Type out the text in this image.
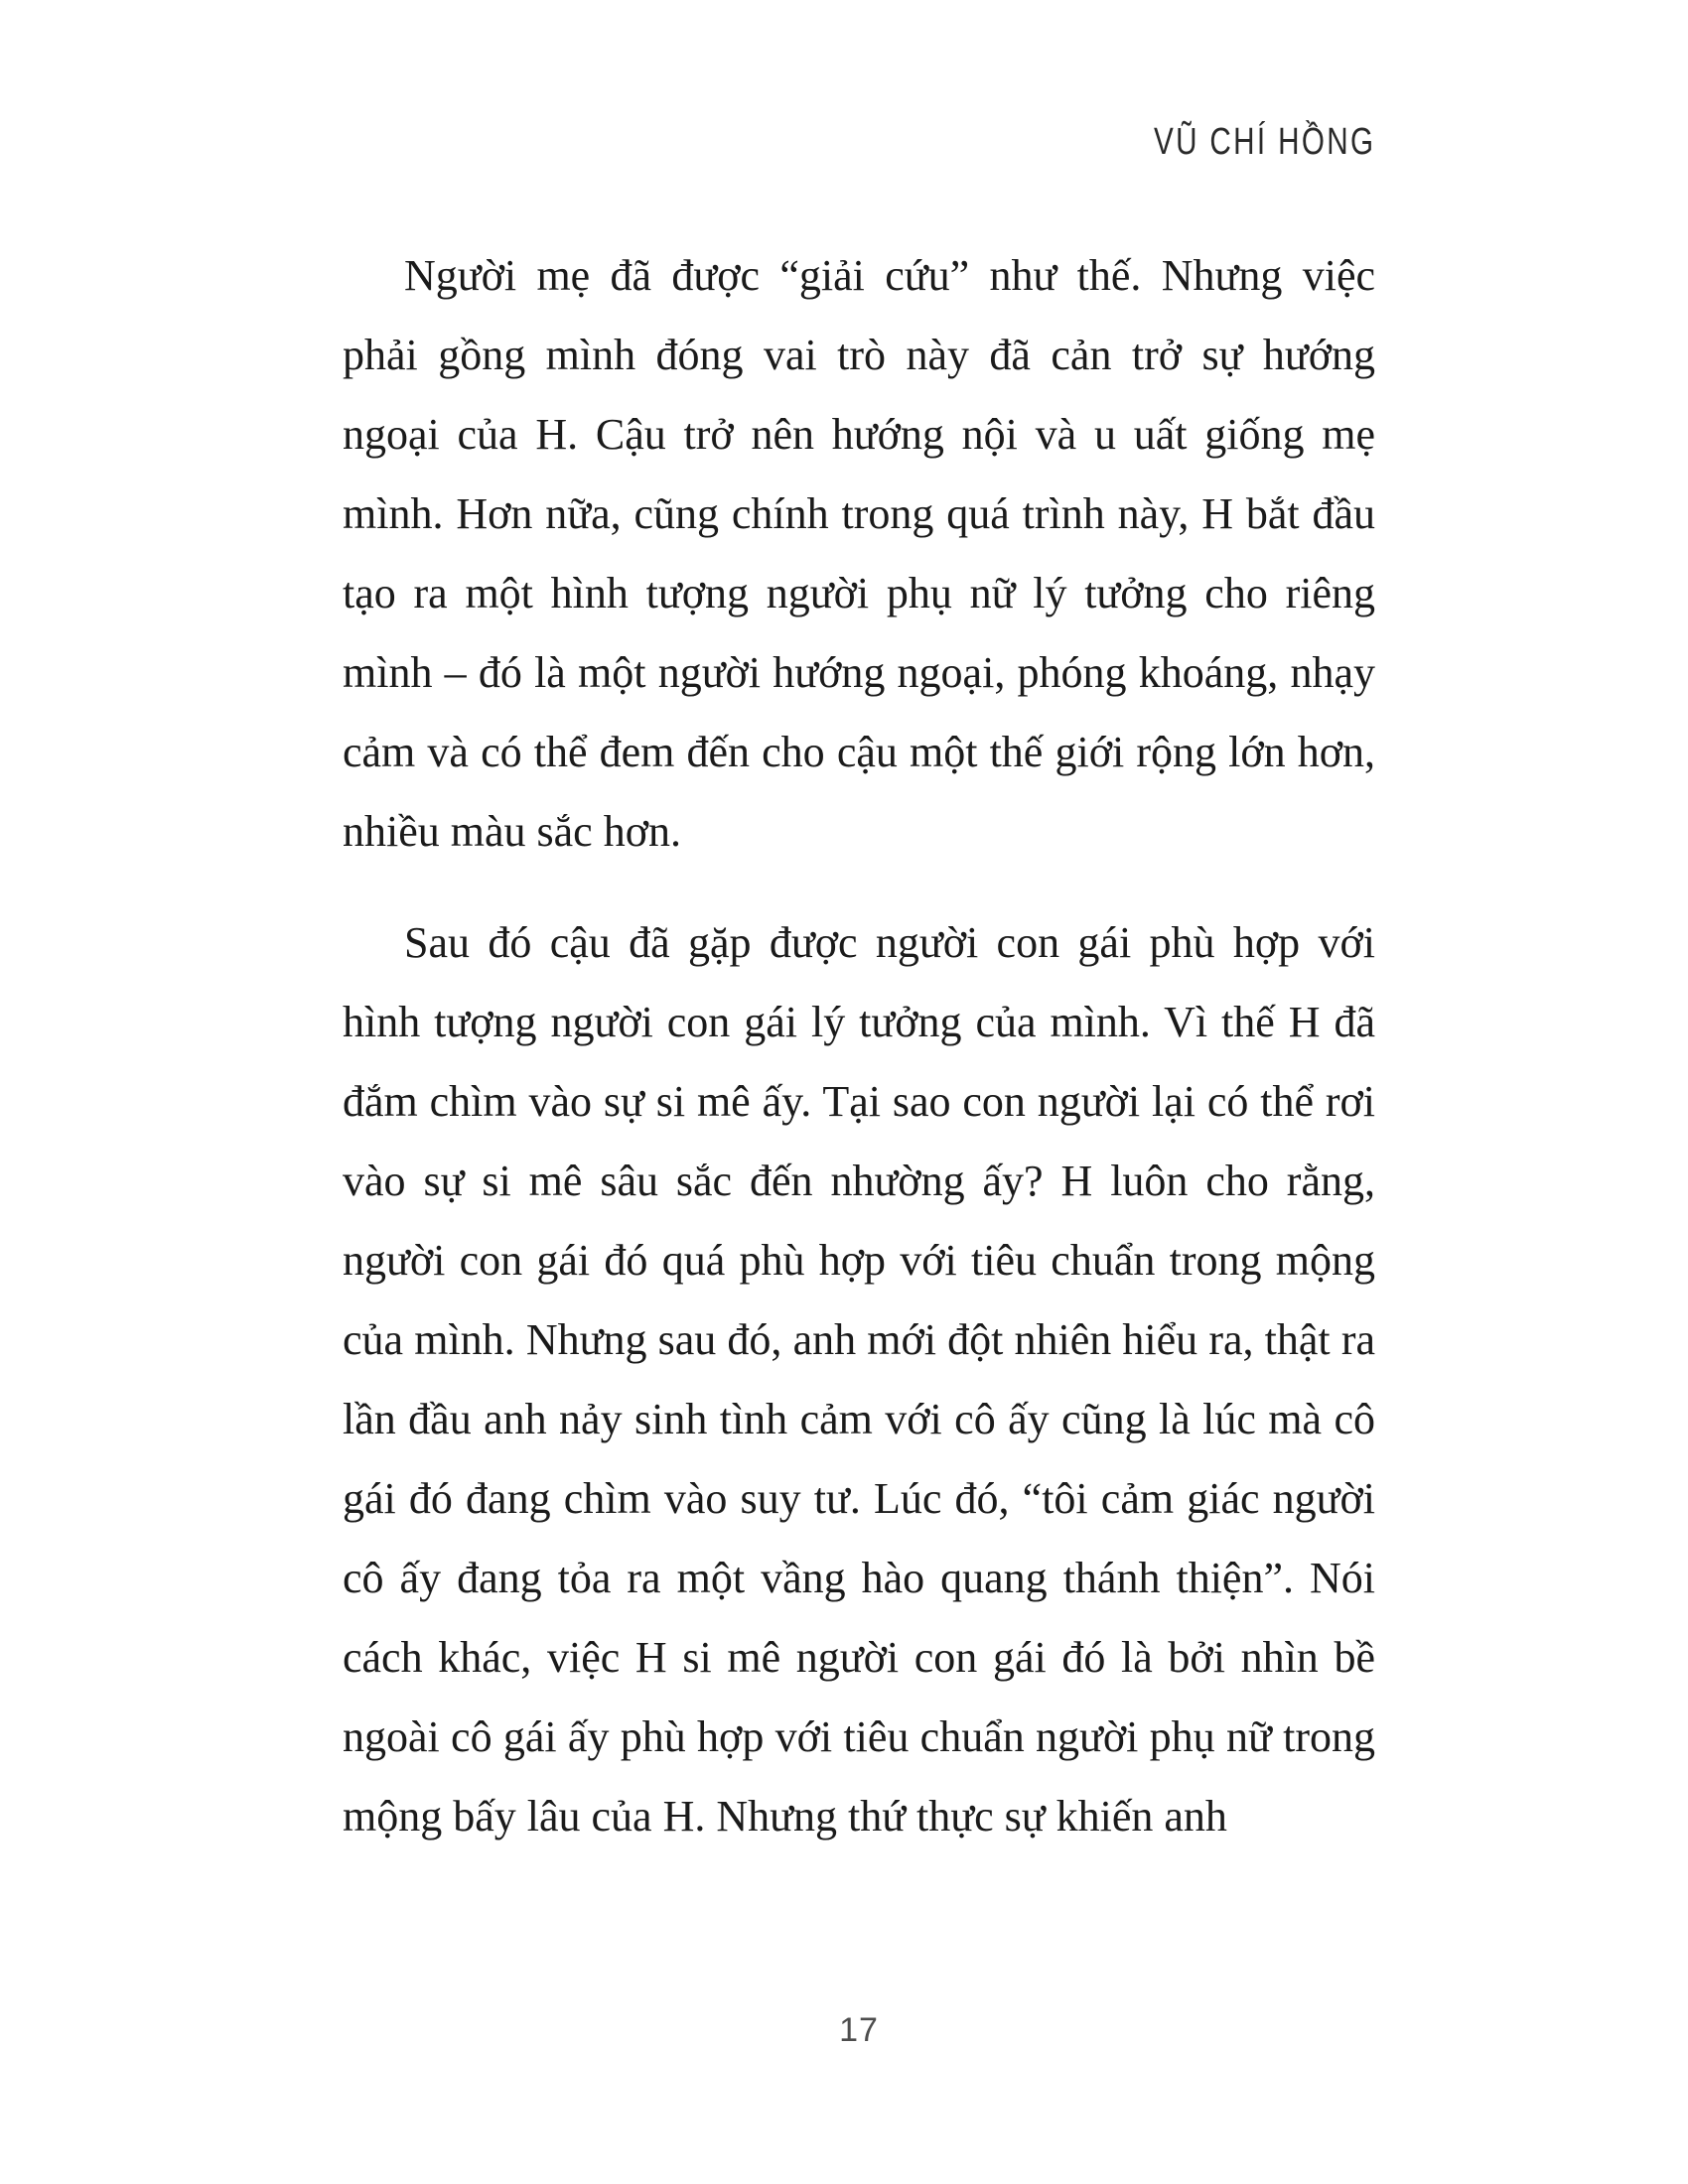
VŨ CHÍ HỒNG

Người mẹ đã được “giải cứu” như thế. Nhưng việc phải gồng mình đóng vai trò này đã cản trở sự hướng ngoại của H. Cậu trở nên hướng nội và u uất giống mẹ mình. Hơn nữa, cũng chính trong quá trình này, H bắt đầu tạo ra một hình tượng người phụ nữ lý tưởng cho riêng mình – đó là một người hướng ngoại, phóng khoáng, nhạy cảm và có thể đem đến cho cậu một thế giới rộng lớn hơn, nhiều màu sắc hơn.

Sau đó cậu đã gặp được người con gái phù hợp với hình tượng người con gái lý tưởng của mình. Vì thế H đã đắm chìm vào sự si mê ấy. Tại sao con người lại có thể rơi vào sự si mê sâu sắc đến nhường ấy? H luôn cho rằng, người con gái đó quá phù hợp với tiêu chuẩn trong mộng của mình. Nhưng sau đó, anh mới đột nhiên hiểu ra, thật ra lần đầu anh nảy sinh tình cảm với cô ấy cũng là lúc mà cô gái đó đang chìm vào suy tư. Lúc đó, “tôi cảm giác người cô ấy đang tỏa ra một vầng hào quang thánh thiện”. Nói cách khác, việc H si mê người con gái đó là bởi nhìn bề ngoài cô gái ấy phù hợp với tiêu chuẩn người phụ nữ trong mộng bấy lâu của H. Nhưng thứ thực sự khiến anh

17
